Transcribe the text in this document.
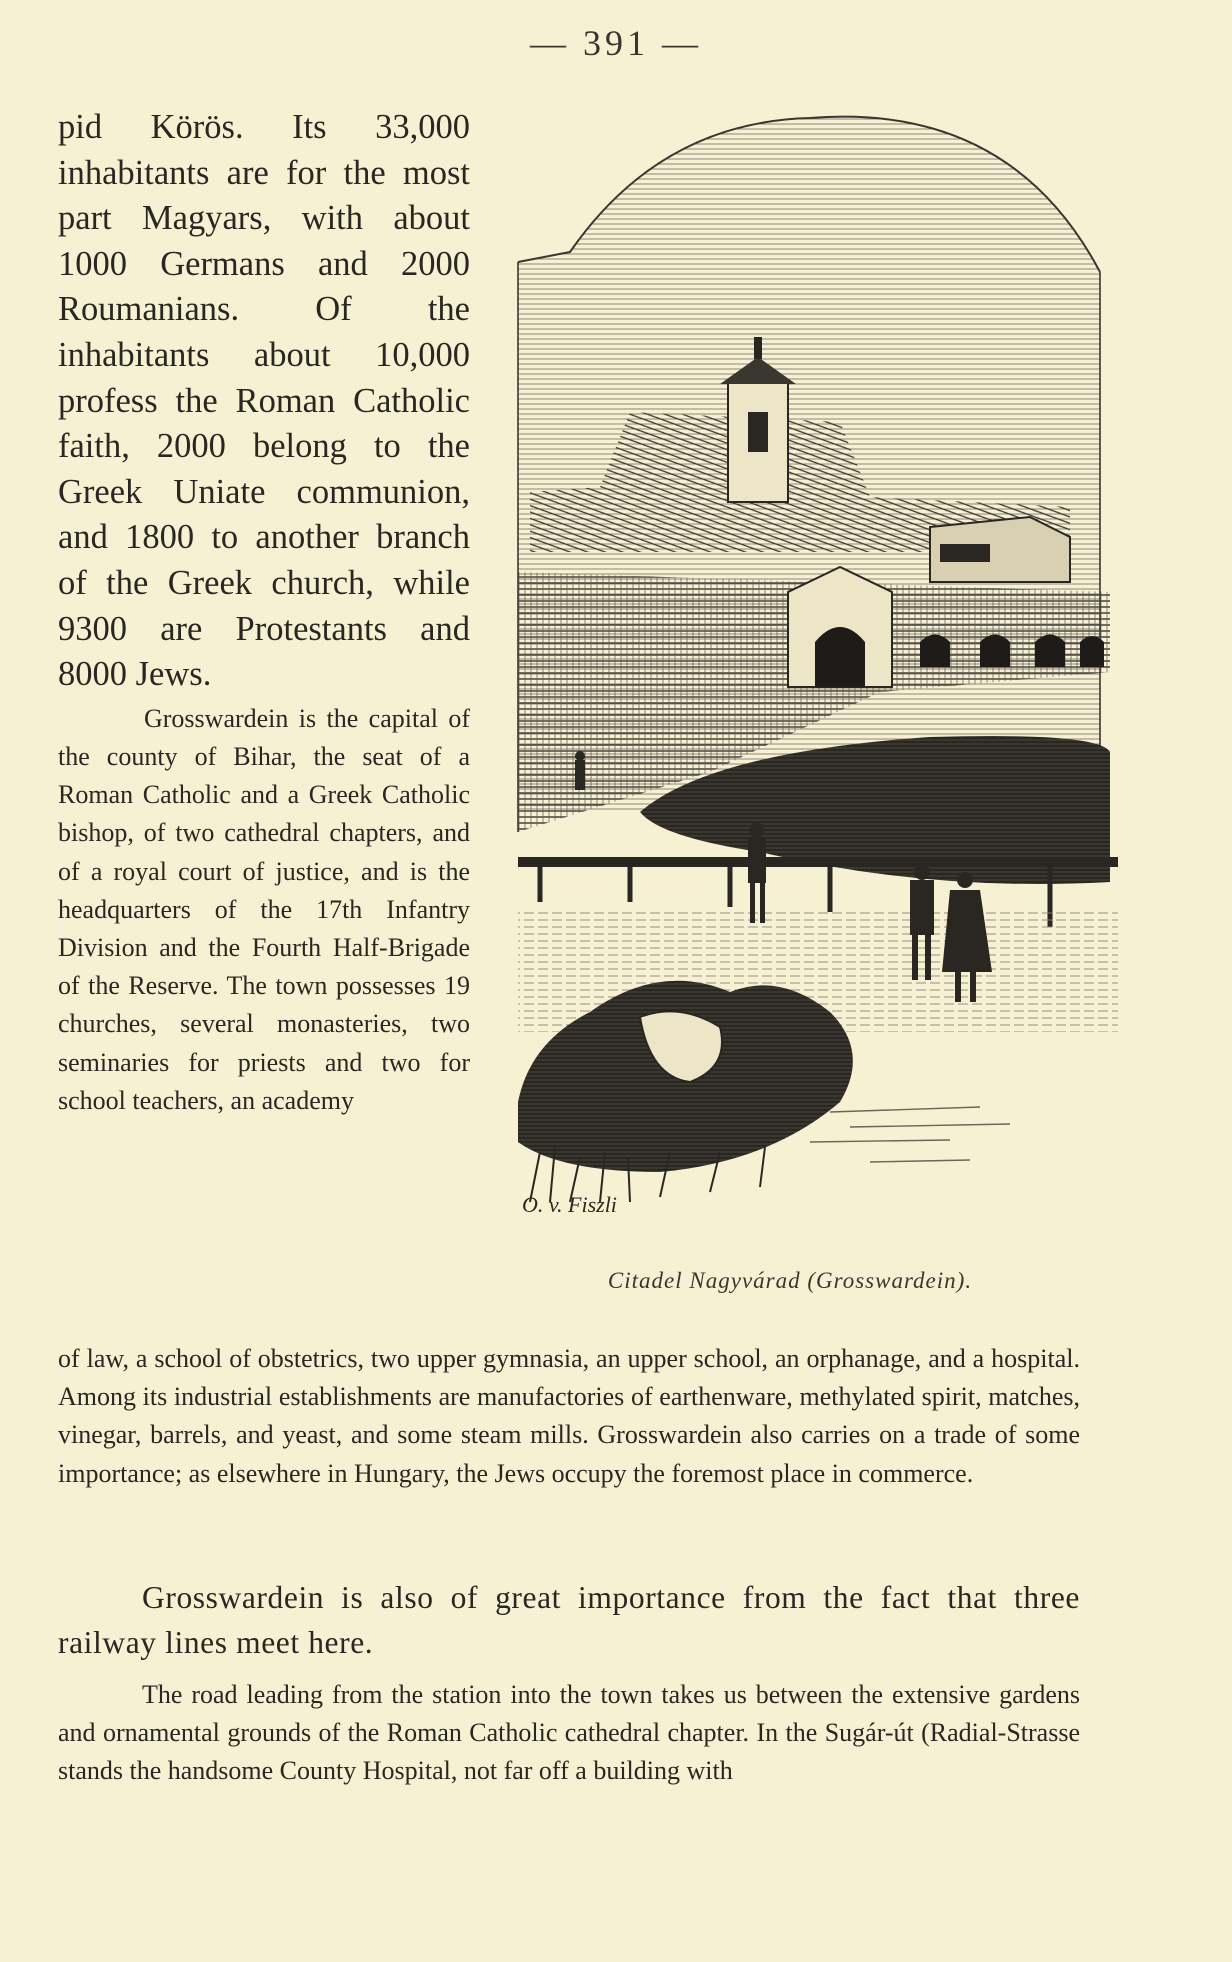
— 391 —

pid Körös. Its 33,000 inhabitants are for the most part Magyars, with about 1000 Germans and 2000 Roumanians. Of the inhabitants about 10,000 profess the Roman Catholic faith, 2000 belong to the Greek Uniate communion, and 1800 to another branch of the Greek church, while 9300 are Protestants and 8000 Jews.

Grosswardein is the capital of the county of Bihar, the seat of a Roman Catholic and a Greek Catholic bishop, of two cathedral chapters, and of a royal court of justice, and is the headquarters of the 17th Infantry Division and the Fourth Half-Brigade of the Reserve. The town possesses 19 churches, several monasteries, two seminaries for priests and two for school teachers, an academy

O. v. Fiszli
Citadel Nagyvárad (Grosswardein).

of law, a school of obstetrics, two upper gymnasia, an upper school, an orphanage, and a hospital. Among its industrial establishments are manufactories of earthenware, methylated spirit, matches, vinegar, barrels, and yeast, and some steam mills. Grosswardein also carries on a trade of some importance; as elsewhere in Hungary, the Jews occupy the foremost place in commerce.

Grosswardein is also of great importance from the fact that three railway lines meet here.

The road leading from the station into the town takes us between the extensive gardens and ornamental grounds of the Roman Catholic cathedral chapter. In the Sugár-út (Radial-Strasse stands the handsome County Hospital, not far off a building with
